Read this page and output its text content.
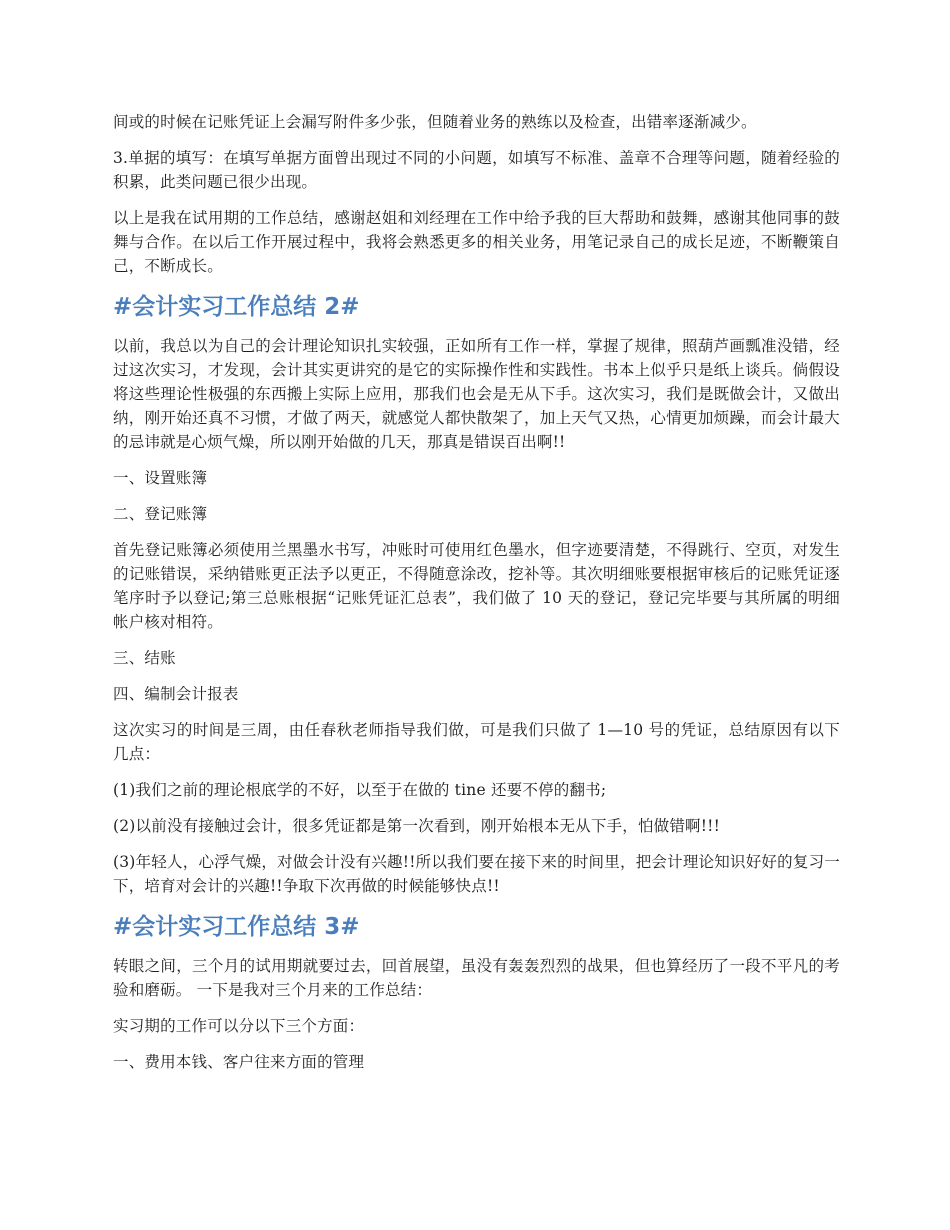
间或的时候在记账凭证上会漏写附件多少张，但随着业务的熟练以及检查，出错率逐渐减少。

3.单据的填写：在填写单据方面曾出现过不同的小问题，如填写不标准、盖章不合理等问题，随着经验的积累，此类问题已很少出现。

以上是我在试用期的工作总结，感谢赵姐和刘经理在工作中给予我的巨大帮助和鼓舞，感谢其他同事的鼓舞与合作。在以后工作开展过程中，我将会熟悉更多的相关业务，用笔记录自己的成长足迹，不断鞭策自己，不断成长。

#会计实习工作总结 2#

以前，我总以为自己的会计理论知识扎实较强，正如所有工作一样，掌握了规律，照葫芦画瓢准没错，经过这次实习，才发现，会计其实更讲究的是它的实际操作性和实践性。书本上似乎只是纸上谈兵。倘假设将这些理论性极强的东西搬上实际上应用，那我们也会是无从下手。这次实习，我们是既做会计，又做出纳，刚开始还真不习惯，才做了两天，就感觉人都快散架了，加上天气又热，心情更加烦躁，而会计最大的忌讳就是心烦气燥，所以刚开始做的几天，那真是错误百出啊!!

一、设置账簿

二、登记账簿

首先登记账簿必须使用兰黑墨水书写，冲账时可使用红色墨水，但字迹要清楚，不得跳行、空页，对发生的记账错误，采纳错账更正法予以更正，不得随意涂改，挖补等。其次明细账要根据审核后的记账凭证逐笔序时予以登记;第三总账根据“记账凭证汇总表”，我们做了 10 天的登记，登记完毕要与其所属的明细帐户核对相符。

三、结账

四、编制会计报表

这次实习的时间是三周，由任春秋老师指导我们做，可是我们只做了 1—10 号的凭证，总结原因有以下几点：

(1)我们之前的理论根底学的不好，以至于在做的 tine 还要不停的翻书;

(2)以前没有接触过会计，很多凭证都是第一次看到，刚开始根本无从下手，怕做错啊!!!

(3)年轻人，心浮气燥，对做会计没有兴趣!!所以我们要在接下来的时间里，把会计理论知识好好的复习一下，培育对会计的兴趣!!争取下次再做的时候能够快点!!

#会计实习工作总结 3#

转眼之间，三个月的试用期就要过去，回首展望，虽没有轰轰烈烈的战果，但也算经历了一段不平凡的考验和磨砺。 一下是我对三个月来的工作总结：

实习期的工作可以分以下三个方面：

一、费用本钱、客户往来方面的管理
